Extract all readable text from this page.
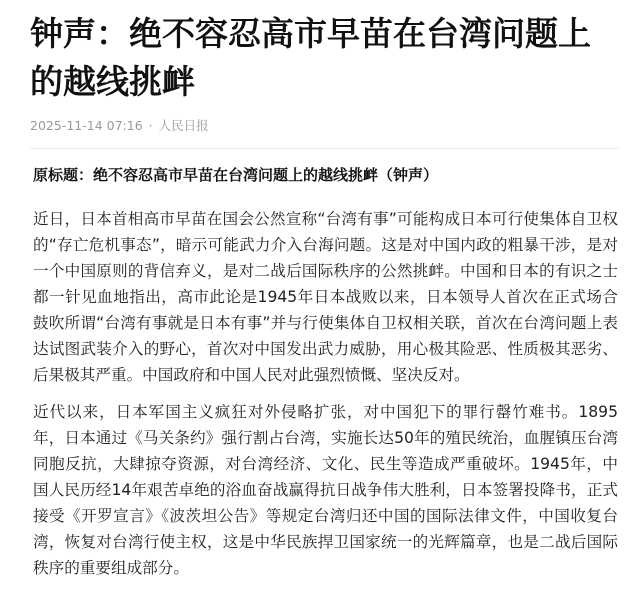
钟声：绝不容忍高市早苗在台湾问题上的越线挑衅
2025-11-14 07:16 · 人民日报

原标题：绝不容忍高市早苗在台湾问题上的越线挑衅（钟声）

近日，日本首相高市早苗在国会公然宣称“台湾有事”可能构成日本可行使集体自卫权的“存亡危机事态”，暗示可能武力介入台海问题。这是对中国内政的粗暴干涉，是对一个中国原则的背信弃义，是对二战后国际秩序的公然挑衅。中国和日本的有识之士都一针见血地指出，高市此论是1945年日本战败以来，日本领导人首次在正式场合鼓吹所谓“台湾有事就是日本有事”并与行使集体自卫权相关联，首次在台湾问题上表达试图武装介入的野心，首次对中国发出武力威胁，用心极其险恶、性质极其恶劣、后果极其严重。中国政府和中国人民对此强烈愤慨、坚决反对。

近代以来，日本军国主义疯狂对外侵略扩张，对中国犯下的罪行罄竹难书。1895年，日本通过《马关条约》强行割占台湾，实施长达50年的殖民统治，血腥镇压台湾同胞反抗，大肆掠夺资源，对台湾经济、文化、民生等造成严重破坏。1945年，中国人民历经14年艰苦卓绝的浴血奋战赢得抗日战争伟大胜利，日本签署投降书，正式接受《开罗宣言》《波茨坦公告》等规定台湾归还中国的国际法律文件，中国收复台湾，恢复对台湾行使主权，这是中华民族捍卫国家统一的光辉篇章，也是二战后国际秩序的重要组成部分。
